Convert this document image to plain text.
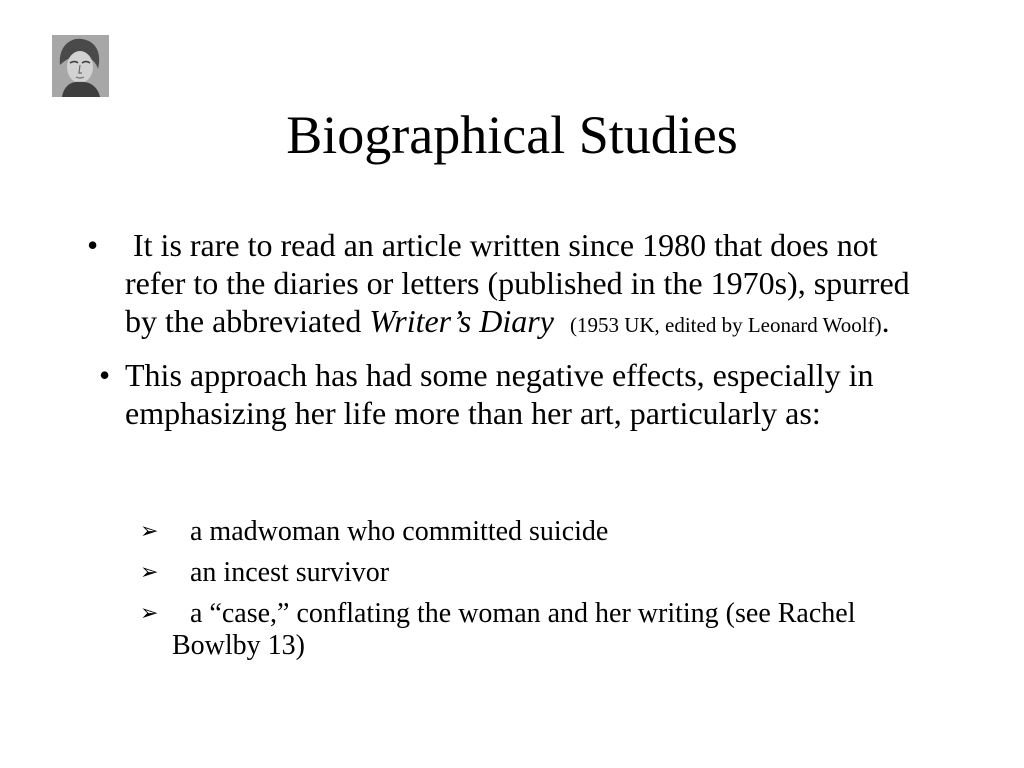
Biographical Studies
• It is rare to read an article written since 1980 that does not refer to the diaries or letters (published in the 1970s), spurred by the abbreviated Writer’s Diary (1953 UK, edited by Leonard Woolf).
• This approach has had some negative effects, especially in emphasizing her life more than her art, particularly as:
➢ a madwoman who committed suicide
➢ an incest survivor
➢ a “case,” conflating the woman and her writing (see Rachel Bowlby 13)
